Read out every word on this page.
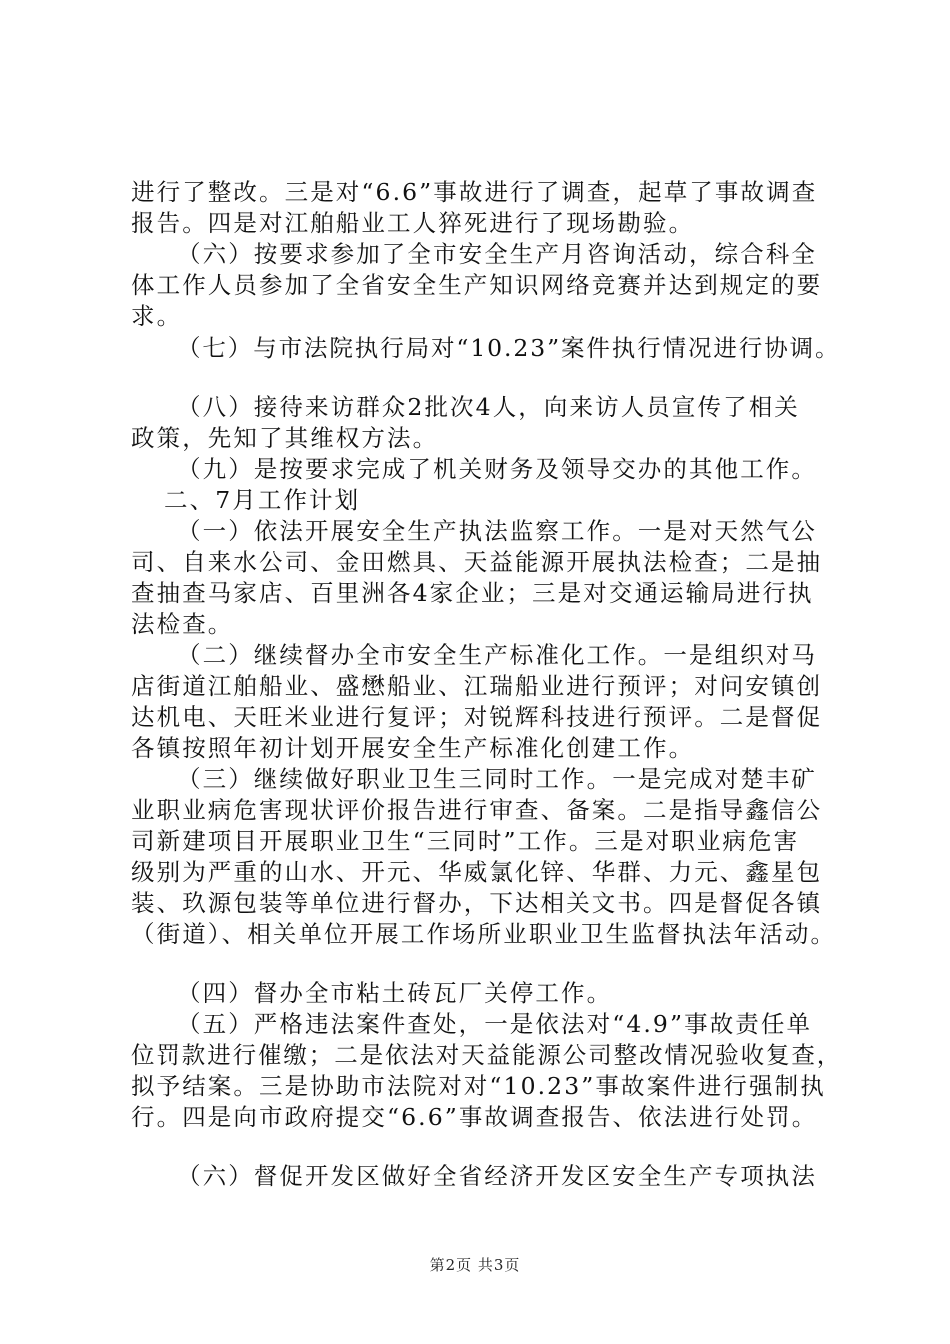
进行了整改。三是对“6.6”事故进行了调查，起草了事故调查
报告。四是对江舶船业工人猝死进行了现场勘验。
（六）按要求参加了全市安全生产月咨询活动，综合科全
体工作人员参加了全省安全生产知识网络竞赛并达到规定的要
求。
（七）与市法院执行局对“10.23”案件执行情况进行协调。
（八）接待来访群众2批次4人，向来访人员宣传了相关
政策，先知了其维权方法。
（九）是按要求完成了机关财务及领导交办的其他工作。
二、7月工作计划
（一）依法开展安全生产执法监察工作。一是对天然气公
司、自来水公司、金田燃具、天益能源开展执法检查；二是抽
查抽查马家店、百里洲各4家企业；三是对交通运输局进行执
法检查。
（二）继续督办全市安全生产标准化工作。一是组织对马
店街道江舶船业、盛懋船业、江瑞船业进行预评；对问安镇创
达机电、天旺米业进行复评；对锐辉科技进行预评。二是督促
各镇按照年初计划开展安全生产标准化创建工作。
（三）继续做好职业卫生三同时工作。一是完成对楚丰矿
业职业病危害现状评价报告进行审查、备案。二是指导鑫信公
司新建项目开展职业卫生“三同时”工作。三是对职业病危害
级别为严重的山水、开元、华威氯化锌、华群、力元、鑫星包
装、玖源包装等单位进行督办，下达相关文书。四是督促各镇
（街道）、相关单位开展工作场所业职业卫生监督执法年活动。
（四）督办全市粘土砖瓦厂关停工作。
（五）严格违法案件查处，一是依法对“4.9”事故责任单
位罚款进行催缴；二是依法对天益能源公司整改情况验收复查，
拟予结案。三是协助市法院对对“10.23”事故案件进行强制执
行。四是向市政府提交“6.6”事故调查报告、依法进行处罚。
（六）督促开发区做好全省经济开发区安全生产专项执法
第2页 共3页
